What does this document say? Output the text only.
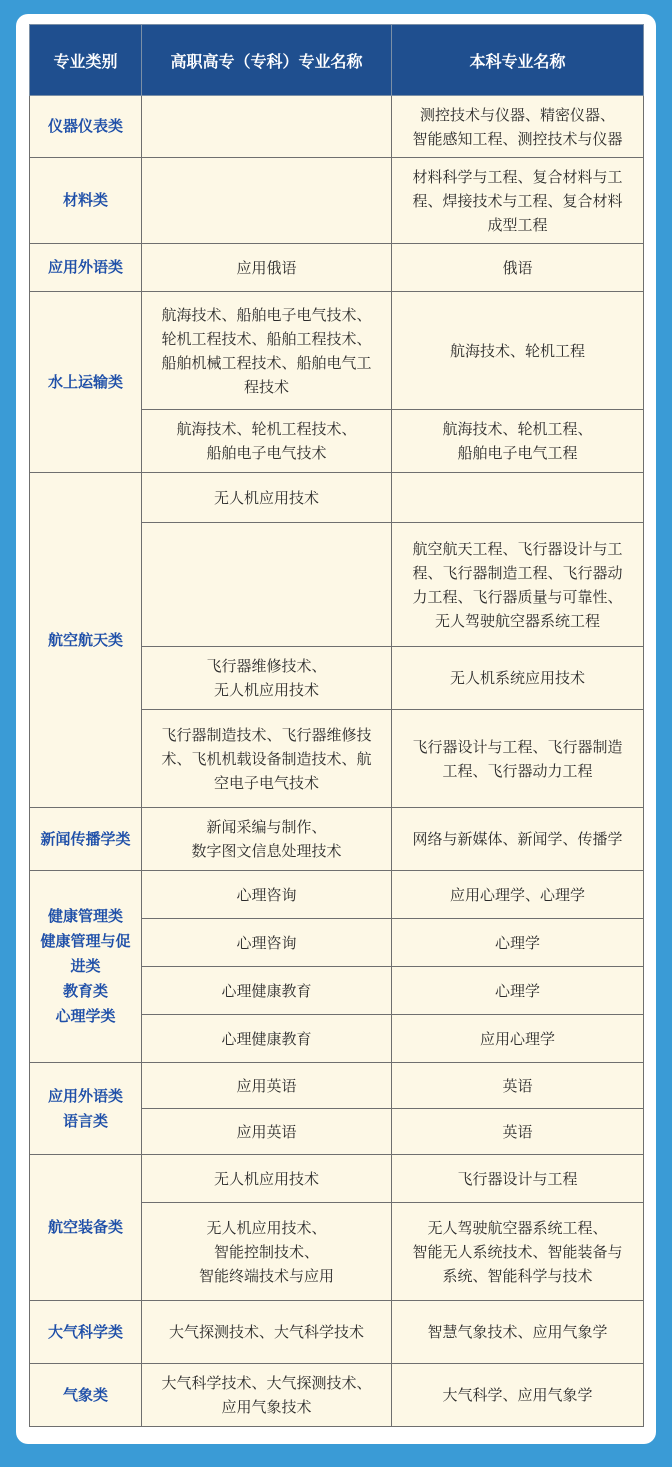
专业类别	高职高专（专科）专业名称	本科专业名称

仪器仪表类		测控技术与仪器、精密仪器、
智能感知工程、测控技术与仪器

材料类		材料科学与工程、复合材料与工
程、焊接技术与工程、复合材料
成型工程

应用外语类	应用俄语	俄语

水上运输类	航海技术、船舶电子电气技术、
轮机工程技术、船舶工程技术、
船舶机械工程技术、船舶电气工
程技术	航海技术、轮机工程

	航海技术、轮机工程技术、
船舶电子电气技术	航海技术、轮机工程、
船舶电子电气工程

航空航天类	无人机应用技术	

		航空航天工程、飞行器设计与工
程、飞行器制造工程、飞行器动
力工程、飞行器质量与可靠性、
无人驾驶航空器系统工程

	飞行器维修技术、
无人机应用技术	无人机系统应用技术

	飞行器制造技术、飞行器维修技
术、飞机机载设备制造技术、航
空电子电气技术	飞行器设计与工程、飞行器制造
工程、飞行器动力工程

新闻传播学类	新闻采编与制作、
数字图文信息处理技术	网络与新媒体、新闻学、传播学

健康管理类
健康管理与促
进类
教育类
心理学类	心理咨询	应用心理学、心理学

	心理咨询	心理学

	心理健康教育	心理学

	心理健康教育	应用心理学

应用外语类
语言类	应用英语	英语

	应用英语	英语

航空装备类	无人机应用技术	飞行器设计与工程

	无人机应用技术、
智能控制技术、
智能终端技术与应用	无人驾驶航空器系统工程、
智能无人系统技术、智能装备与
系统、智能科学与技术

大气科学类	大气探测技术、大气科学技术	智慧气象技术、应用气象学

气象类	大气科学技术、大气探测技术、
应用气象技术	大气科学、应用气象学
